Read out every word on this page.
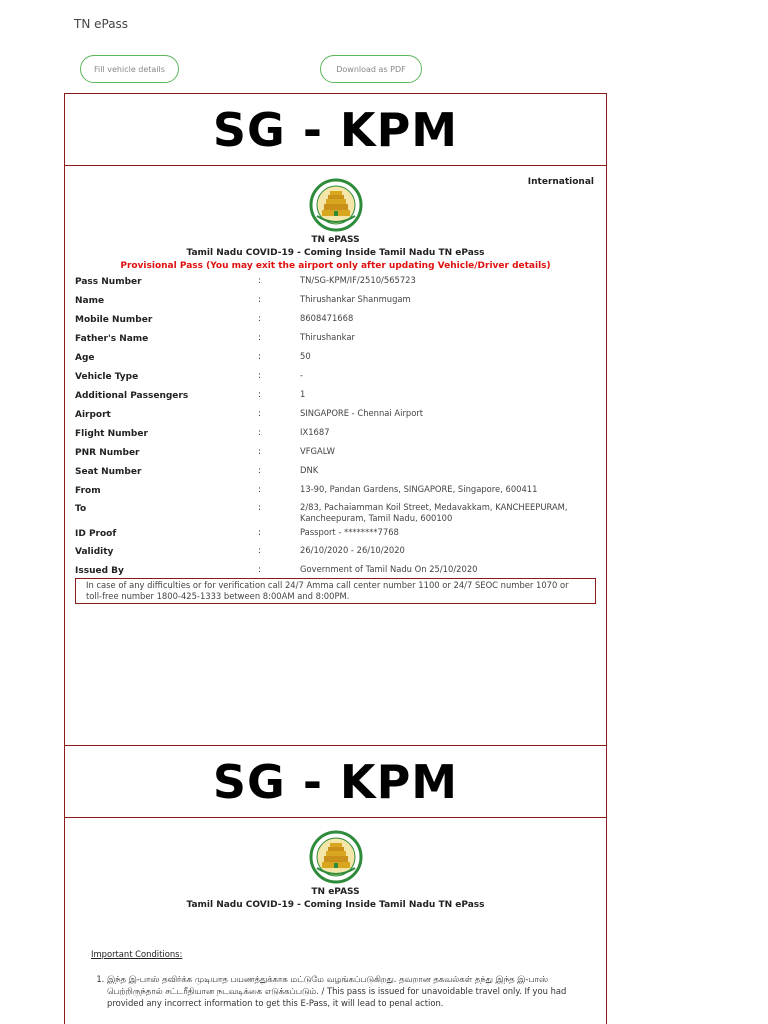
TN ePass
Fill vehicle details	Download as PDF
SG - KPM
International
TN ePASS
Tamil Nadu COVID-19 - Coming Inside Tamil Nadu TN ePass
Provisional Pass (You may exit the airport only after updating Vehicle/Driver details)
Pass Number	:	TN/SG-KPM/IF/2510/565723
Name	:	Thirushankar Shanmugam
Mobile Number	:	8608471668
Father's Name	:	Thirushankar
Age	:	50
Vehicle Type	:	-
Additional Passengers	:	1
Airport	:	SINGAPORE - Chennai Airport
Flight Number	:	IX1687
PNR Number	:	VFGALW
Seat Number	:	DNK
From	:	13-90, Pandan Gardens, SINGAPORE, Singapore, 600411
To	:	2/83, Pachaiamman Koil Street, Medavakkam, KANCHEEPURAM, Kancheepuram, Tamil Nadu, 600100
ID Proof	:	Passport - ********7768
Validity	:	26/10/2020 - 26/10/2020
Issued By	:	Government of Tamil Nadu On 25/10/2020
In case of any difficulties or for verification call 24/7 Amma call center number 1100 or 24/7 SEOC number 1070 or toll-free number 1800-425-1333 between 8:00AM and 8:00PM.
SG - KPM
TN ePASS
Tamil Nadu COVID-19 - Coming Inside Tamil Nadu TN ePass
Important Conditions:
1. இந்த இ-பாஸ் தவிர்க்க முடியாத பயணத்துக்காக மட்டுமே வழங்கப்படுகிறது. தவறான தகவல்கள் தந்து இந்த இ-பாஸ் பெற்றிருந்தால் சட்டரீதியான நடவடிக்கை எடுக்கப்படும். / This pass is issued for unavoidable travel only. If you had provided any incorrect information to get this E-Pass, it will lead to penal action.
